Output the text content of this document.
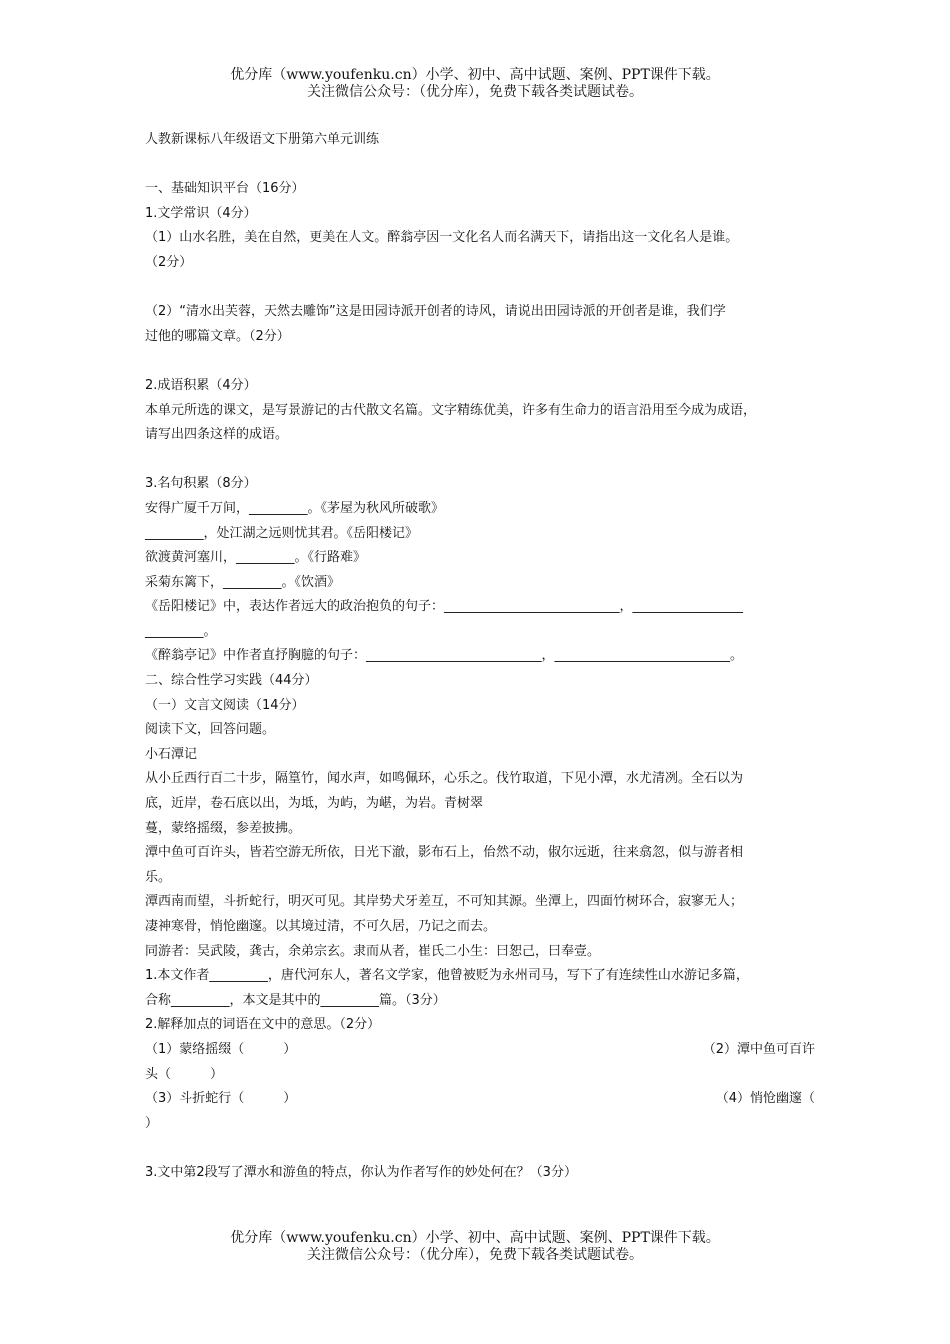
优分库（www.youfenku.cn）小学、初中、高中试题、案例、PPT课件下载。
关注微信公众号：（优分库），免费下载各类试题试卷。

人教新课标八年级语文下册第六单元训练

一、基础知识平台（16分）

1.文学常识（4分）

（1）山水名胜，美在自然，更美在人文。醉翁亭因一文化名人而名满天下，请指出这一文化名人是谁。

（2分）

（2）“清水出芙蓉，天然去雕饰”这是田园诗派开创者的诗风，请说出田园诗派的开创者是谁，我们学

过他的哪篇文章。（2分）

2.成语积累（4分）

本单元所选的课文，是写景游记的古代散文名篇。文字精练优美，许多有生命力的语言沿用至今成为成语，

请写出四条这样的成语。

3.名句积累（8分）

安得广厦千万间，_________。《茅屋为秋风所破歌》

_________，处江湖之远则忧其君。《岳阳楼记》

欲渡黄河塞川，_________。《行路难》

采菊东篱下，_________。《饮酒》

《岳阳楼记》中，表达作者远大的政治抱负的句子：___________________________，_________________

_________。

《醉翁亭记》中作者直抒胸臆的句子：___________________________，___________________________。

二、综合性学习实践（44分）

（一）文言文阅读（14分）

阅读下文，回答问题。

小石潭记

从小丘西行百二十步，隔篁竹，闻水声，如鸣佩环，心乐之。伐竹取道，下见小潭，水尤清冽。全石以为

底，近岸，卷石底以出，为坻，为屿，为嵁，为岩。青树翠

蔓，蒙络摇缀，参差披拂。

潭中鱼可百许头，皆若空游无所依，日光下澈，影布石上，佁然不动，俶尔远逝，往来翕忽，似与游者相

乐。

潭西南而望，斗折蛇行，明灭可见。其岸势犬牙差互，不可知其源。坐潭上，四面竹树环合，寂寥无人；

凄神寒骨，悄怆幽邃。以其境过清，不可久居，乃记之而去。

同游者：吴武陵，龚古，余弟宗玄。隶而从者，崔氏二小生：曰恕己，曰奉壹。

1.本文作者_________，唐代河东人，著名文学家，他曾被贬为永州司马，写下了有连续性山水游记多篇，

合称_________，本文是其中的_________篇。（3分）

2.解释加点的词语在文中的意思。（2分）

（1）蒙络摇缀（　　　）	（2）潭中鱼可百许

头（　　　）

（3）斗折蛇行（　　　）	（4）悄怆幽邃（

）

3.文中第2段写了潭水和游鱼的特点，你认为作者写作的妙处何在？（3分）

优分库（www.youfenku.cn）小学、初中、高中试题、案例、PPT课件下载。
关注微信公众号：（优分库），免费下载各类试题试卷。
